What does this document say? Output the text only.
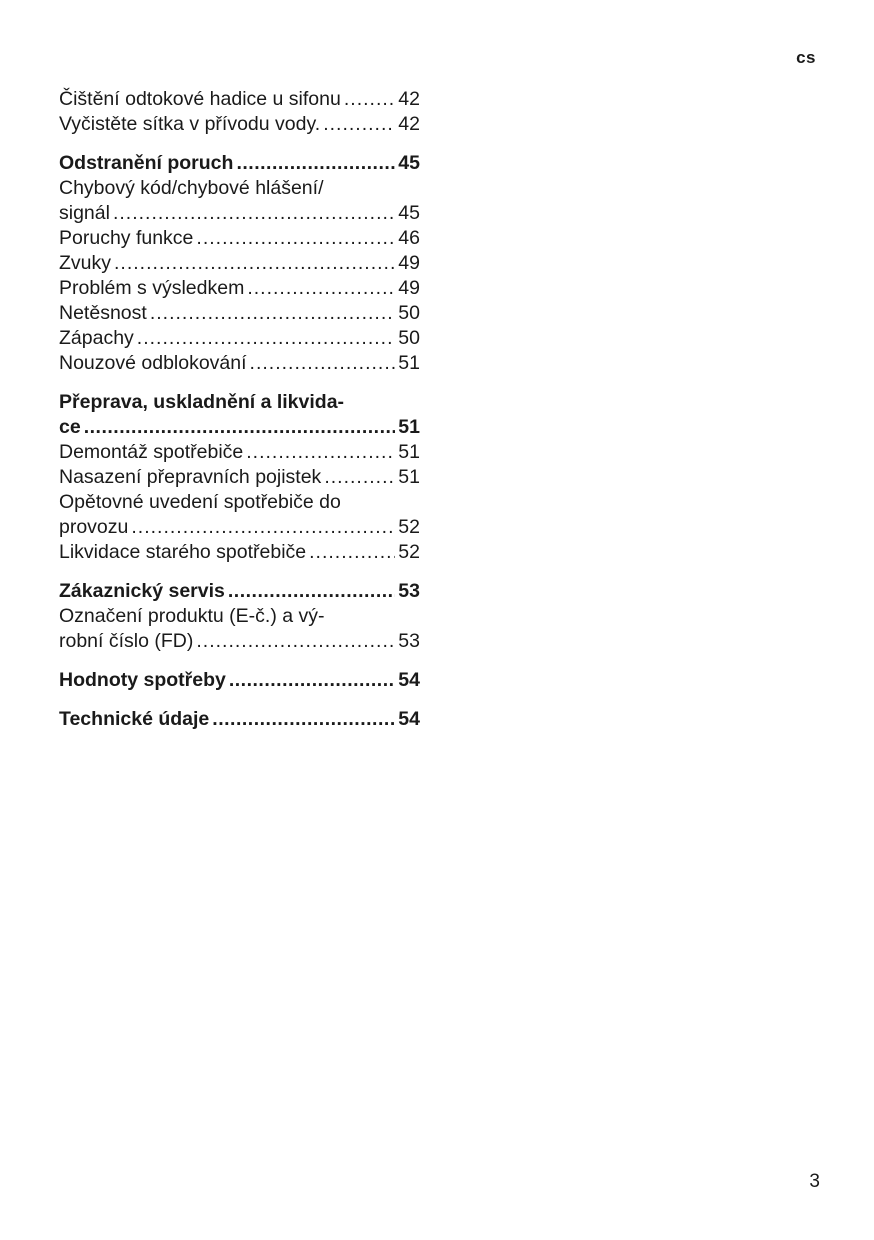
cs
Čištění odtokové hadice u sifonu .....	42
Vyčistěte sítka v přívodu vody. .....	42
Odstranění poruch .....	45
Chybový kód/chybové hlášení/
signál .....	45
Poruchy funkce .....	46
Zvuky .....	49
Problém s výsledkem .....	49
Netěsnost .....	50
Zápachy .....	50
Nouzové odblokování .....	51
Přeprava, uskladnění a likvida-
ce .....	51
Demontáž spotřebiče .....	51
Nasazení přepravních pojistek .....	51
Opětovné uvedení spotřebiče do
provozu .....	52
Likvidace starého spotřebiče .....	52
Zákaznický servis .....	53
Označení produktu (E-č.) a vý-
robní číslo (FD) .....	53
Hodnoty spotřeby .....	54
Technické údaje .....	54
3
